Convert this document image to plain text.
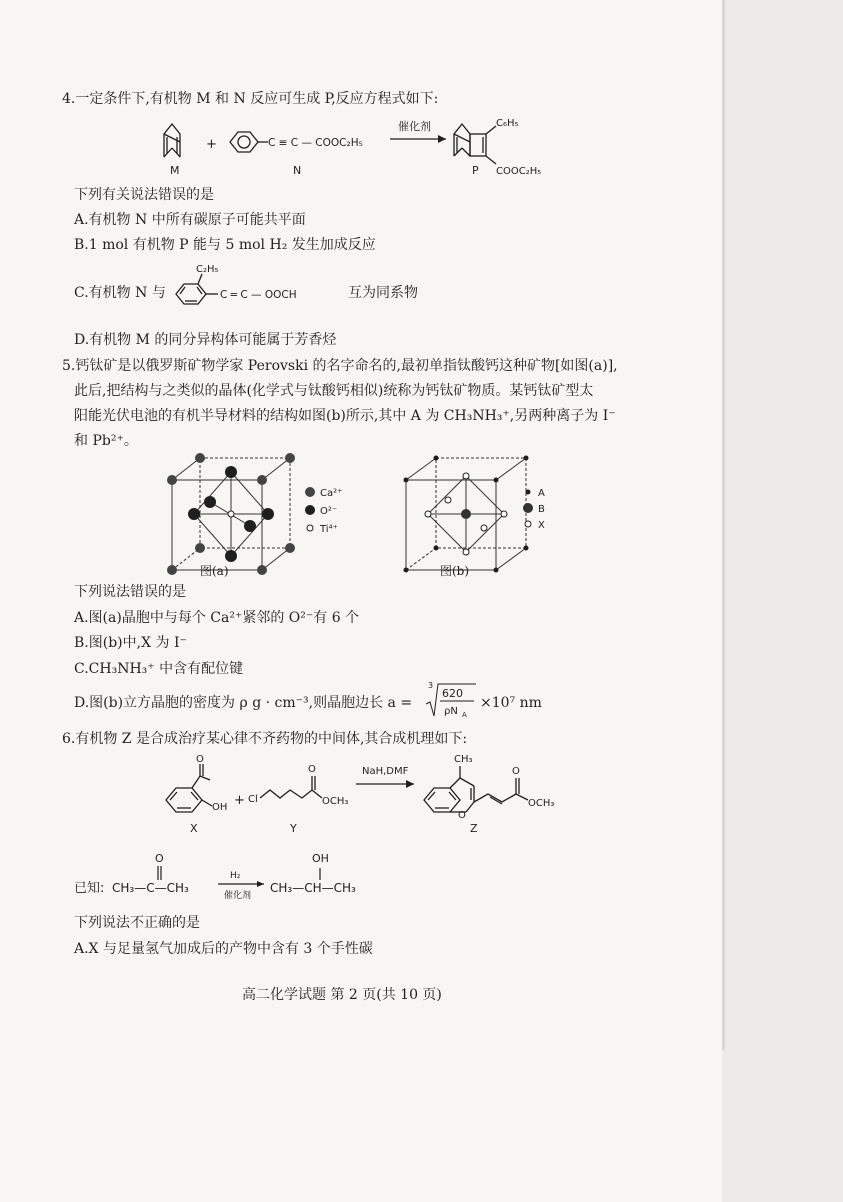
4.一定条件下,有机物 M 和 N 反应可生成 P,反应方程式如下:
M
+	C ≡ C — COOC₂H₅
N
催化剂	C₆H₅
COOC₂H₅
P
下列有关说法错误的是
A.有机物 N 中所有碳原子可能共平面
B.1 mol 有机物 P 能与 5 mol H₂ 发生加成反应
C.有机物 N 与
C₂H₅
C ═ C — OOCH	互为同系物
D.有机物 M 的同分异构体可能属于芳香烃
5.钙钛矿是以俄罗斯矿物学家 Perovski 的名字命名的,最初单指钛酸钙这种矿物[如图(a)],
此后,把结构与之类似的晶体(化学式与钛酸钙相似)统称为钙钛矿物质。某钙钛矿型太
阳能光伏电池的有机半导材料的结构如图(b)所示,其中 A 为 CH₃NH₃⁺,另两种离子为 I⁻
和 Pb²⁺。
Ca²⁺
O²⁻
Ti⁴⁺
图(a)
A
B
X
图(b)
下列说法错误的是
A.图(a)晶胞中与每个 Ca²⁺紧邻的 O²⁻有 6 个
B.图(b)中,X 为 I⁻
C.CH₃NH₃⁺ 中含有配位键
D.图(b)立方晶胞的密度为 ρ g · cm⁻³,则晶胞边长 a =
3
620
ρN A
×10⁷ nm
6.有机物 Z 是合成治疗某心律不齐药物的中间体,其合成机理如下:
O
OH
X
+ Cl
O
OCH₃
Y
NaH,DMF
CH₃
O
O
OCH₃
Z
已知: CH₃—C—CH₃
O
H₂
催化剂
CH₃—CH—CH₃
OH
下列说法不正确的是
A.X 与足量氢气加成后的产物中含有 3 个手性碳
高二化学试题 第 2 页(共 10 页)
